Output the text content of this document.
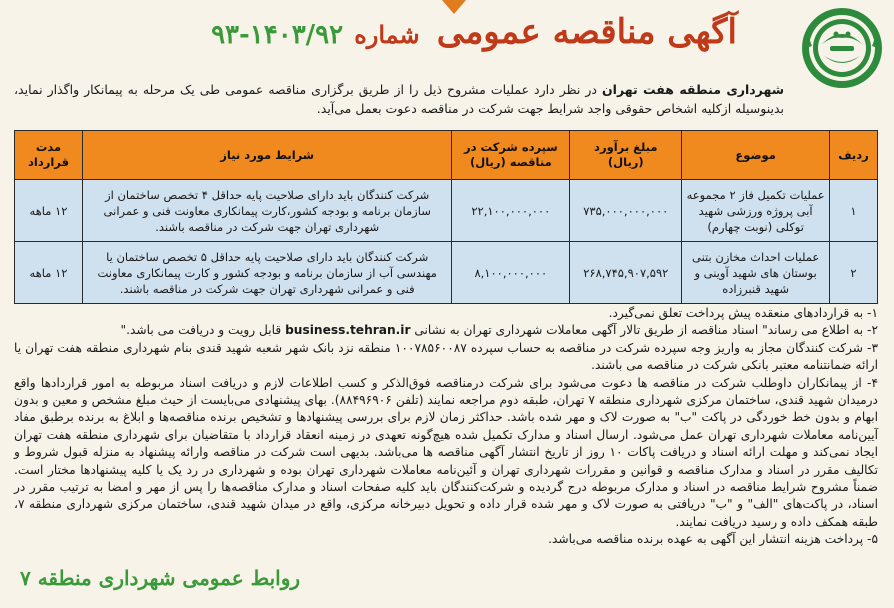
آگهی مناقصه عمومی شماره ۱۴۰۳/۹۲-۹۳
شهرداری منطقه هفت تهران در نظر دارد عملیات مشروح ذیل را از طریق برگزاری مناقصه عمومی طی یک مرحله به پیمانکار واگذار نماید، بدینوسیله ازکلیه اشخاص حقوقی واجد شرایط جهت شرکت در مناقصه دعوت بعمل می‌آید.
ردیف	موضوع	مبلغ برآورد (ریال)	سپرده شرکت در مناقصه (ریال)	شرایط مورد نیاز	مدت قرارداد
۱	عملیات تکمیل فاز ۲ مجموعه آبی پروژه ورزشی شهید توکلی (نوبت چهارم)	۷۳۵,۰۰۰,۰۰۰,۰۰۰	۲۲,۱۰۰,۰۰۰,۰۰۰	شرکت کنندگان باید دارای صلاحیت پایه حداقل ۴ تخصص ساختمان از سازمان برنامه و بودجه کشور،کارت پیمانکاری معاونت فنی و عمرانی شهرداری تهران جهت شرکت در مناقصه باشند.	۱۲ ماهه
۲	عملیات احداث مخازن بتنی بوستان های شهید آوینی و شهید قنبرزاده	۲۶۸,۷۴۵,۹۰۷,۵۹۲	۸,۱۰۰,۰۰۰,۰۰۰	شرکت کنندگان باید دارای صلاحیت پایه حداقل ۵ تخصص ساختمان یا مهندسی آب از سازمان برنامه و بودجه کشور و کارت پیمانکاری معاونت فنی و عمرانی شهرداری تهران جهت شرکت در مناقصه باشند.	۱۲ ماهه

۱- به قراردادهای منعقده پیش پرداخت تعلق نمی‌گیرد.

۲- به اطلاع می رساند" اسناد مناقصه از طریق تالار آگهی معاملات شهرداری تهران به نشانی business.tehran.ir قابل رویت و دریافت می باشد."

۳- شرکت کنندگان مجاز به واریز وجه سپرده شرکت در مناقصه به حساب سپرده ۱۰۰۷۸۵۶۰۰۸۷ منطقه نزد بانک شهر شعبه شهید قندی بنام شهرداری منطقه هفت تهران یا ارائه ضمانتنامه معتبر بانکی شرکت در مناقصه می باشند.

۴- از پیمانکاران داوطلب شرکت در مناقصه ها دعوت می‌شود برای شرکت درمناقصه فوق‌الذکر و کسب اطلاعات لازم و دریافت اسناد مربوطه به امور قراردادها واقع درمیدان شهید قندی، ساختمان مرکزی شهرداری منطقه ۷ تهران، طبقه دوم مراجعه نمایند (تلفن ۸۸۴۹۶۹۰۶). بهای پیشنهادی می‌بایست از حیث مبلغ مشخص و معین و بدون ابهام و بدون خط خوردگی در پاکت "ب" به صورت لاک و مهر شده باشد. حداکثر زمان لازم برای بررسی پیشنهادها و تشخیص برنده مناقصه‌ها و ابلاغ به برنده برطبق مفاد آیین‌نامه معاملات شهرداری تهران عمل می‌شود. ارسال اسناد و مدارک تکمیل شده هیچ‌گونه تعهدی در زمینه انعقاد قرارداد با متقاضیان برای شهرداری منطقه هفت تهران ایجاد نمی‌کند و مهلت ارائه اسناد و دریافت پاکات ۱۰ روز از تاریخ انتشار آگهی مناقصه ها می‌باشد. بدیهی است شرکت در مناقصه وارائه پیشنهاد به منزله قبول شروط و تکالیف مقرر در اسناد و مدارک مناقصه و قوانین و مقررات شهرداری تهران و آئین‌نامه معاملات شهرداری تهران بوده و شهرداری در رد یک یا کلیه پیشنهادها مختار است. ضمناً مشروح شرایط مناقصه در اسناد و مدارک مربوطه درج گردیده و شرکت‌کنندگان باید کلیه صفحات اسناد و مدارک مناقصه‌ها را پس از مهر و امضا به ترتیب مقرر در اسناد، در پاکت‌های "الف" و "ب" دریافتی به صورت لاک و مهر شده قرار داده و تحویل دبیرخانه مرکزی، واقع در میدان شهید قندی، ساختمان مرکزی شهرداری منطقه ۷، طبقه همکف داده و رسید دریافت نمایند.

۵- پرداخت هزینه انتشار این آگهی به عهده برنده مناقصه می‌باشد.

روابط عمومی شهرداری منطقه ۷
